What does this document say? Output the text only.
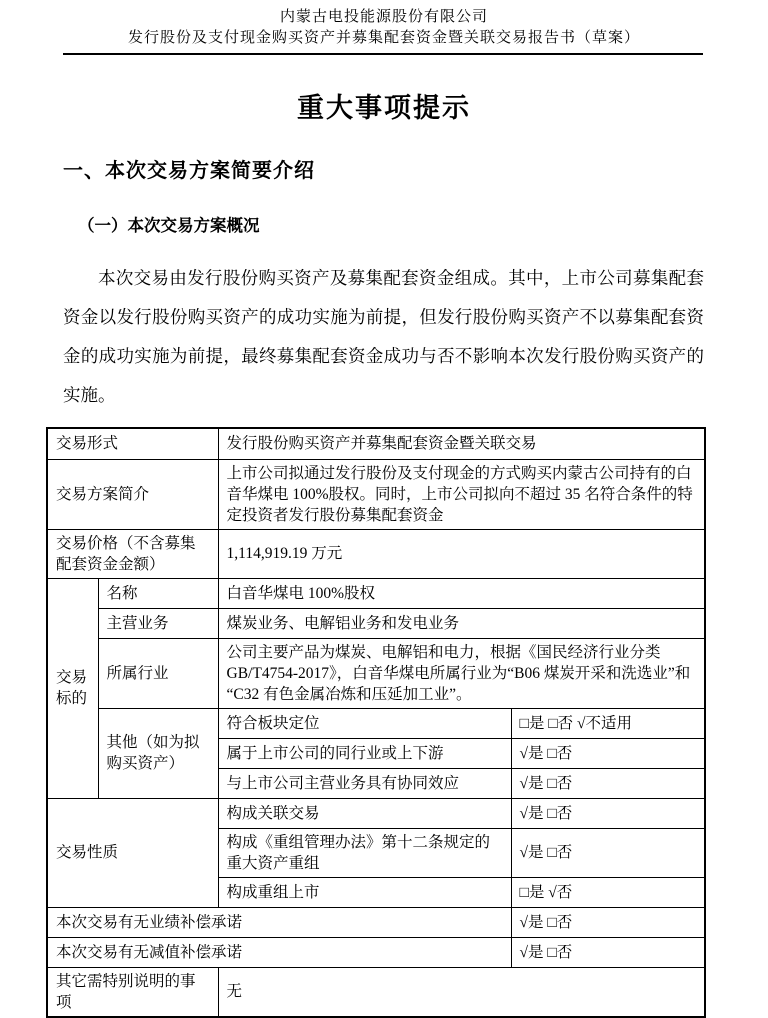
内蒙古电投能源股份有限公司
发行股份及支付现金购买资产并募集配套资金暨关联交易报告书（草案）
重大事项提示
一、本次交易方案简要介绍
（一）本次交易方案概况

本次交易由发行股份购买资产及募集配套资金组成。其中，上市公司募集配套资金以发行股份购买资产的成功实施为前提，但发行股份购买资产不以募集配套资金的成功实施为前提，最终募集配套资金成功与否不影响本次发行股份购买资产的实施。

交易形式		发行股份购买资产并募集配套资金暨关联交易	
交易方案简介		上市公司拟通过发行股份及支付现金的方式购买内蒙古公司持有的白音华煤电 100%股权。同时，上市公司拟向不超过 35 名符合条件的特定投资者发行股份募集配套资金	
交易价格（不含募集配套资金金额）		1,114,919.19 万元	
交易标的	名称	白音华煤电 100%股权	
	主营业务	煤炭业务、电解铝业务和发电业务	
	所属行业	公司主要产品为煤炭、电解铝和电力，根据《国民经济行业分类GB/T4754-2017》，白音华煤电所属行业为“B06 煤炭开采和洗选业”和“C32 有色金属冶炼和压延加工业”。	
	其他（如为拟购买资产）	符合板块定位	□是 □否 √不适用
		属于上市公司的同行业或上下游	√是 □否
		与上市公司主营业务具有协同效应	√是 □否
交易性质		构成关联交易	√是 □否
		构成《重组管理办法》第十二条规定的重大资产重组	√是 □否
		构成重组上市	□是 √否
本次交易有无业绩补偿承诺			√是 □否
本次交易有无减值补偿承诺			√是 □否
其它需特别说明的事项		无	
